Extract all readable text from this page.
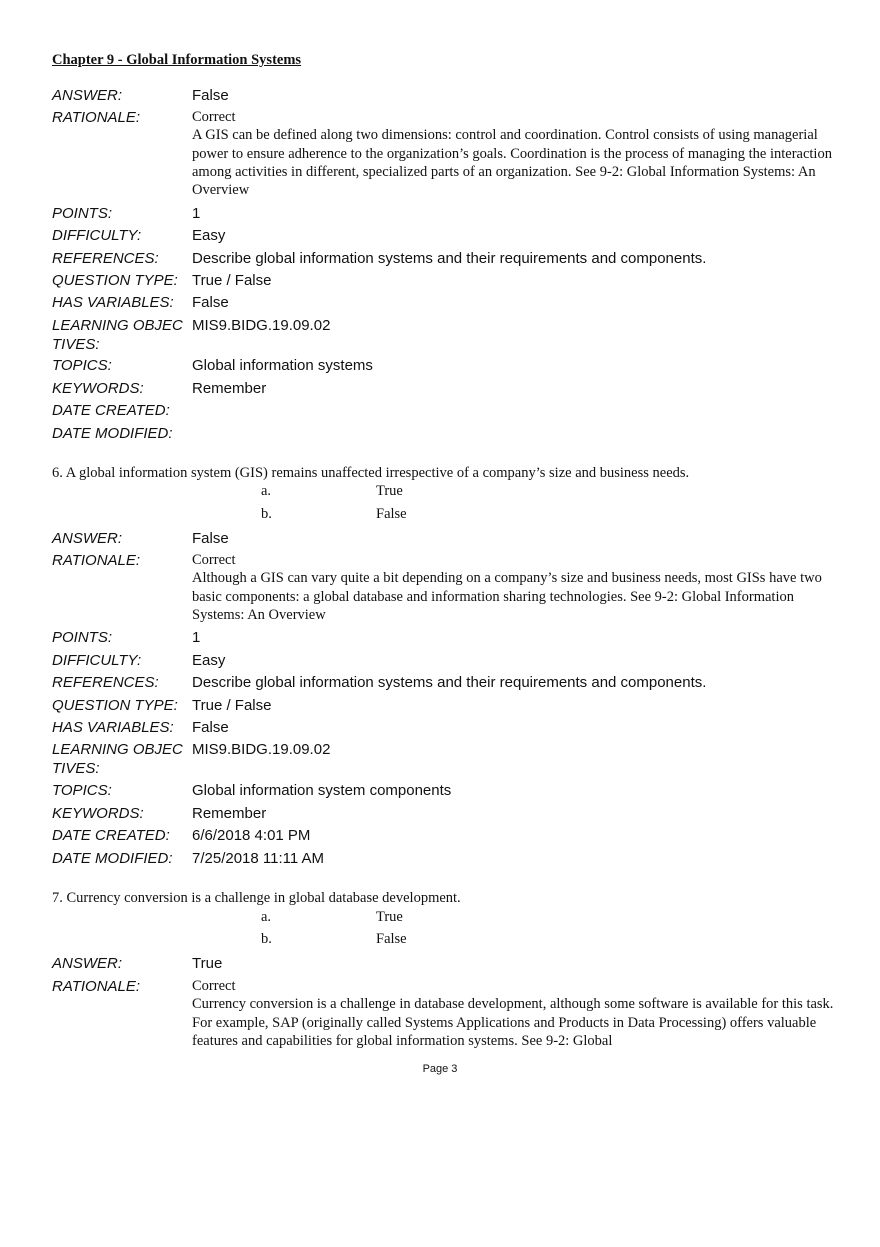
Chapter 9 - Global Information Systems
ANSWER:	False
RATIONALE:	Correct
A GIS can be defined along two dimensions: control and coordination. Control consists of using managerial power to ensure adherence to the organization’s goals. Coordination is the process of managing the interaction among activities in different, specialized parts of an organization. See 9-2: Global Information Systems: An Overview
POINTS:	1
DIFFICULTY:	Easy
REFERENCES:	Describe global information systems and their requirements and components.
QUESTION TYPE: True / False
HAS VARIABLES:	False
LEARNING OBJEC
TIVES:
MIS9.BIDG.19.09.02
TOPICS:	Global information systems
KEYWORDS:	Remember
DATE CREATED:
DATE MODIFIED:
6. A global information system (GIS) remains unaffected irrespective of a company’s size and business needs.
a.	True
b.	False
ANSWER:	False
RATIONALE:	Correct
Although a GIS can vary quite a bit depending on a company’s size and business needs, most GISs have two basic components: a global database and information sharing technologies. See 9-2: Global Information Systems: An Overview
POINTS:	1
DIFFICULTY:	Easy
REFERENCES:	Describe global information systems and their requirements and components.
QUESTION TYPE: True / False
HAS VARIABLES:	False
LEARNING OBJEC
TIVES:
MIS9.BIDG.19.09.02
TOPICS:	Global information system components
KEYWORDS:	Remember
DATE CREATED:	6/6/2018 4:01 PM
DATE MODIFIED:	7/25/2018 11:11 AM
7. Currency conversion is a challenge in global database development.
a.	True
b.	False
ANSWER:	True
RATIONALE:	Correct
Currency conversion is a challenge in database development, although some software is available for this task. For example, SAP (originally called Systems Applications and Products in Data Processing) offers valuable features and capabilities for global information systems. See 9-2: Global
Page 3
